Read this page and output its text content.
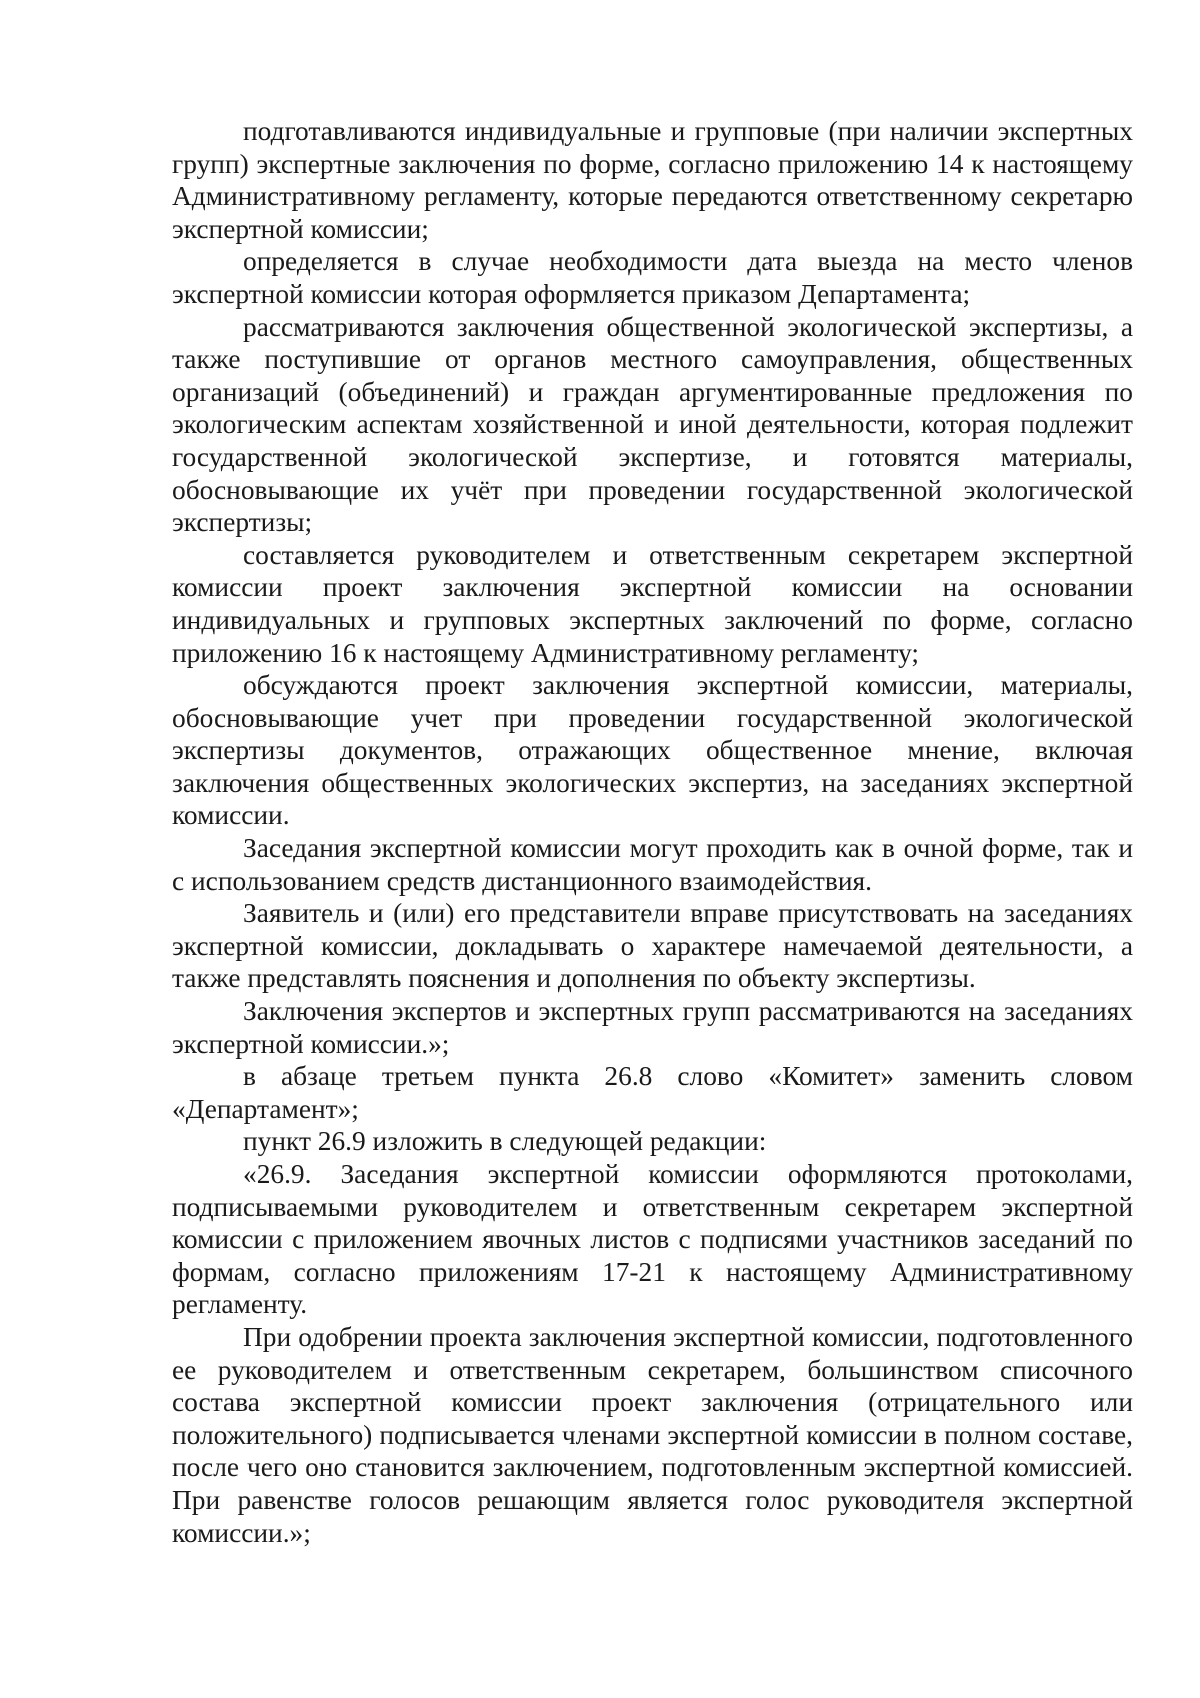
подготавливаются индивидуальные и групповые (при наличии экспертных групп) экспертные заключения по форме, согласно приложению 14 к настоящему Административному регламенту, которые передаются ответственному секретарю экспертной комиссии;

определяется в случае необходимости дата выезда на место членов экспертной комиссии которая оформляется приказом Департамента;

рассматриваются заключения общественной экологической экспертизы, а также поступившие от органов местного самоуправления, общественных организаций (объединений) и граждан аргументированные предложения по экологическим аспектам хозяйственной и иной деятельности, которая подлежит государственной экологической экспертизе, и готовятся материалы, обосновывающие их учёт при проведении государственной экологической экспертизы;

составляется руководителем и ответственным секретарем экспертной комиссии проект заключения экспертной комиссии на основании индивидуальных и групповых экспертных заключений по форме, согласно приложению 16 к настоящему Административному регламенту;

обсуждаются проект заключения экспертной комиссии, материалы, обосновывающие учет при проведении государственной экологической экспертизы документов, отражающих общественное мнение, включая заключения общественных экологических экспертиз, на заседаниях экспертной комиссии.

Заседания экспертной комиссии могут проходить как в очной форме, так и с использованием средств дистанционного взаимодействия.

Заявитель и (или) его представители вправе присутствовать на заседаниях экспертной комиссии, докладывать о характере намечаемой деятельности, а также представлять пояснения и дополнения по объекту экспертизы.

Заключения экспертов и экспертных групп рассматриваются на заседаниях экспертной комиссии.»;

в абзаце третьем пункта 26.8 слово «Комитет» заменить словом «Департамент»;

пункт 26.9 изложить в следующей редакции:

«26.9. Заседания экспертной комиссии оформляются протоколами, подписываемыми руководителем и ответственным секретарем экспертной комиссии с приложением явочных листов с подписями участников заседаний по формам, согласно приложениям 17-21 к настоящему Административному регламенту.

При одобрении проекта заключения экспертной комиссии, подготовленного ее руководителем и ответственным секретарем, большинством списочного состава экспертной комиссии проект заключения (отрицательного или положительного) подписывается членами экспертной комиссии в полном составе, после чего оно становится заключением, подготовленным экспертной комиссией. При равенстве голосов решающим является голос руководителя экспертной комиссии.»;
